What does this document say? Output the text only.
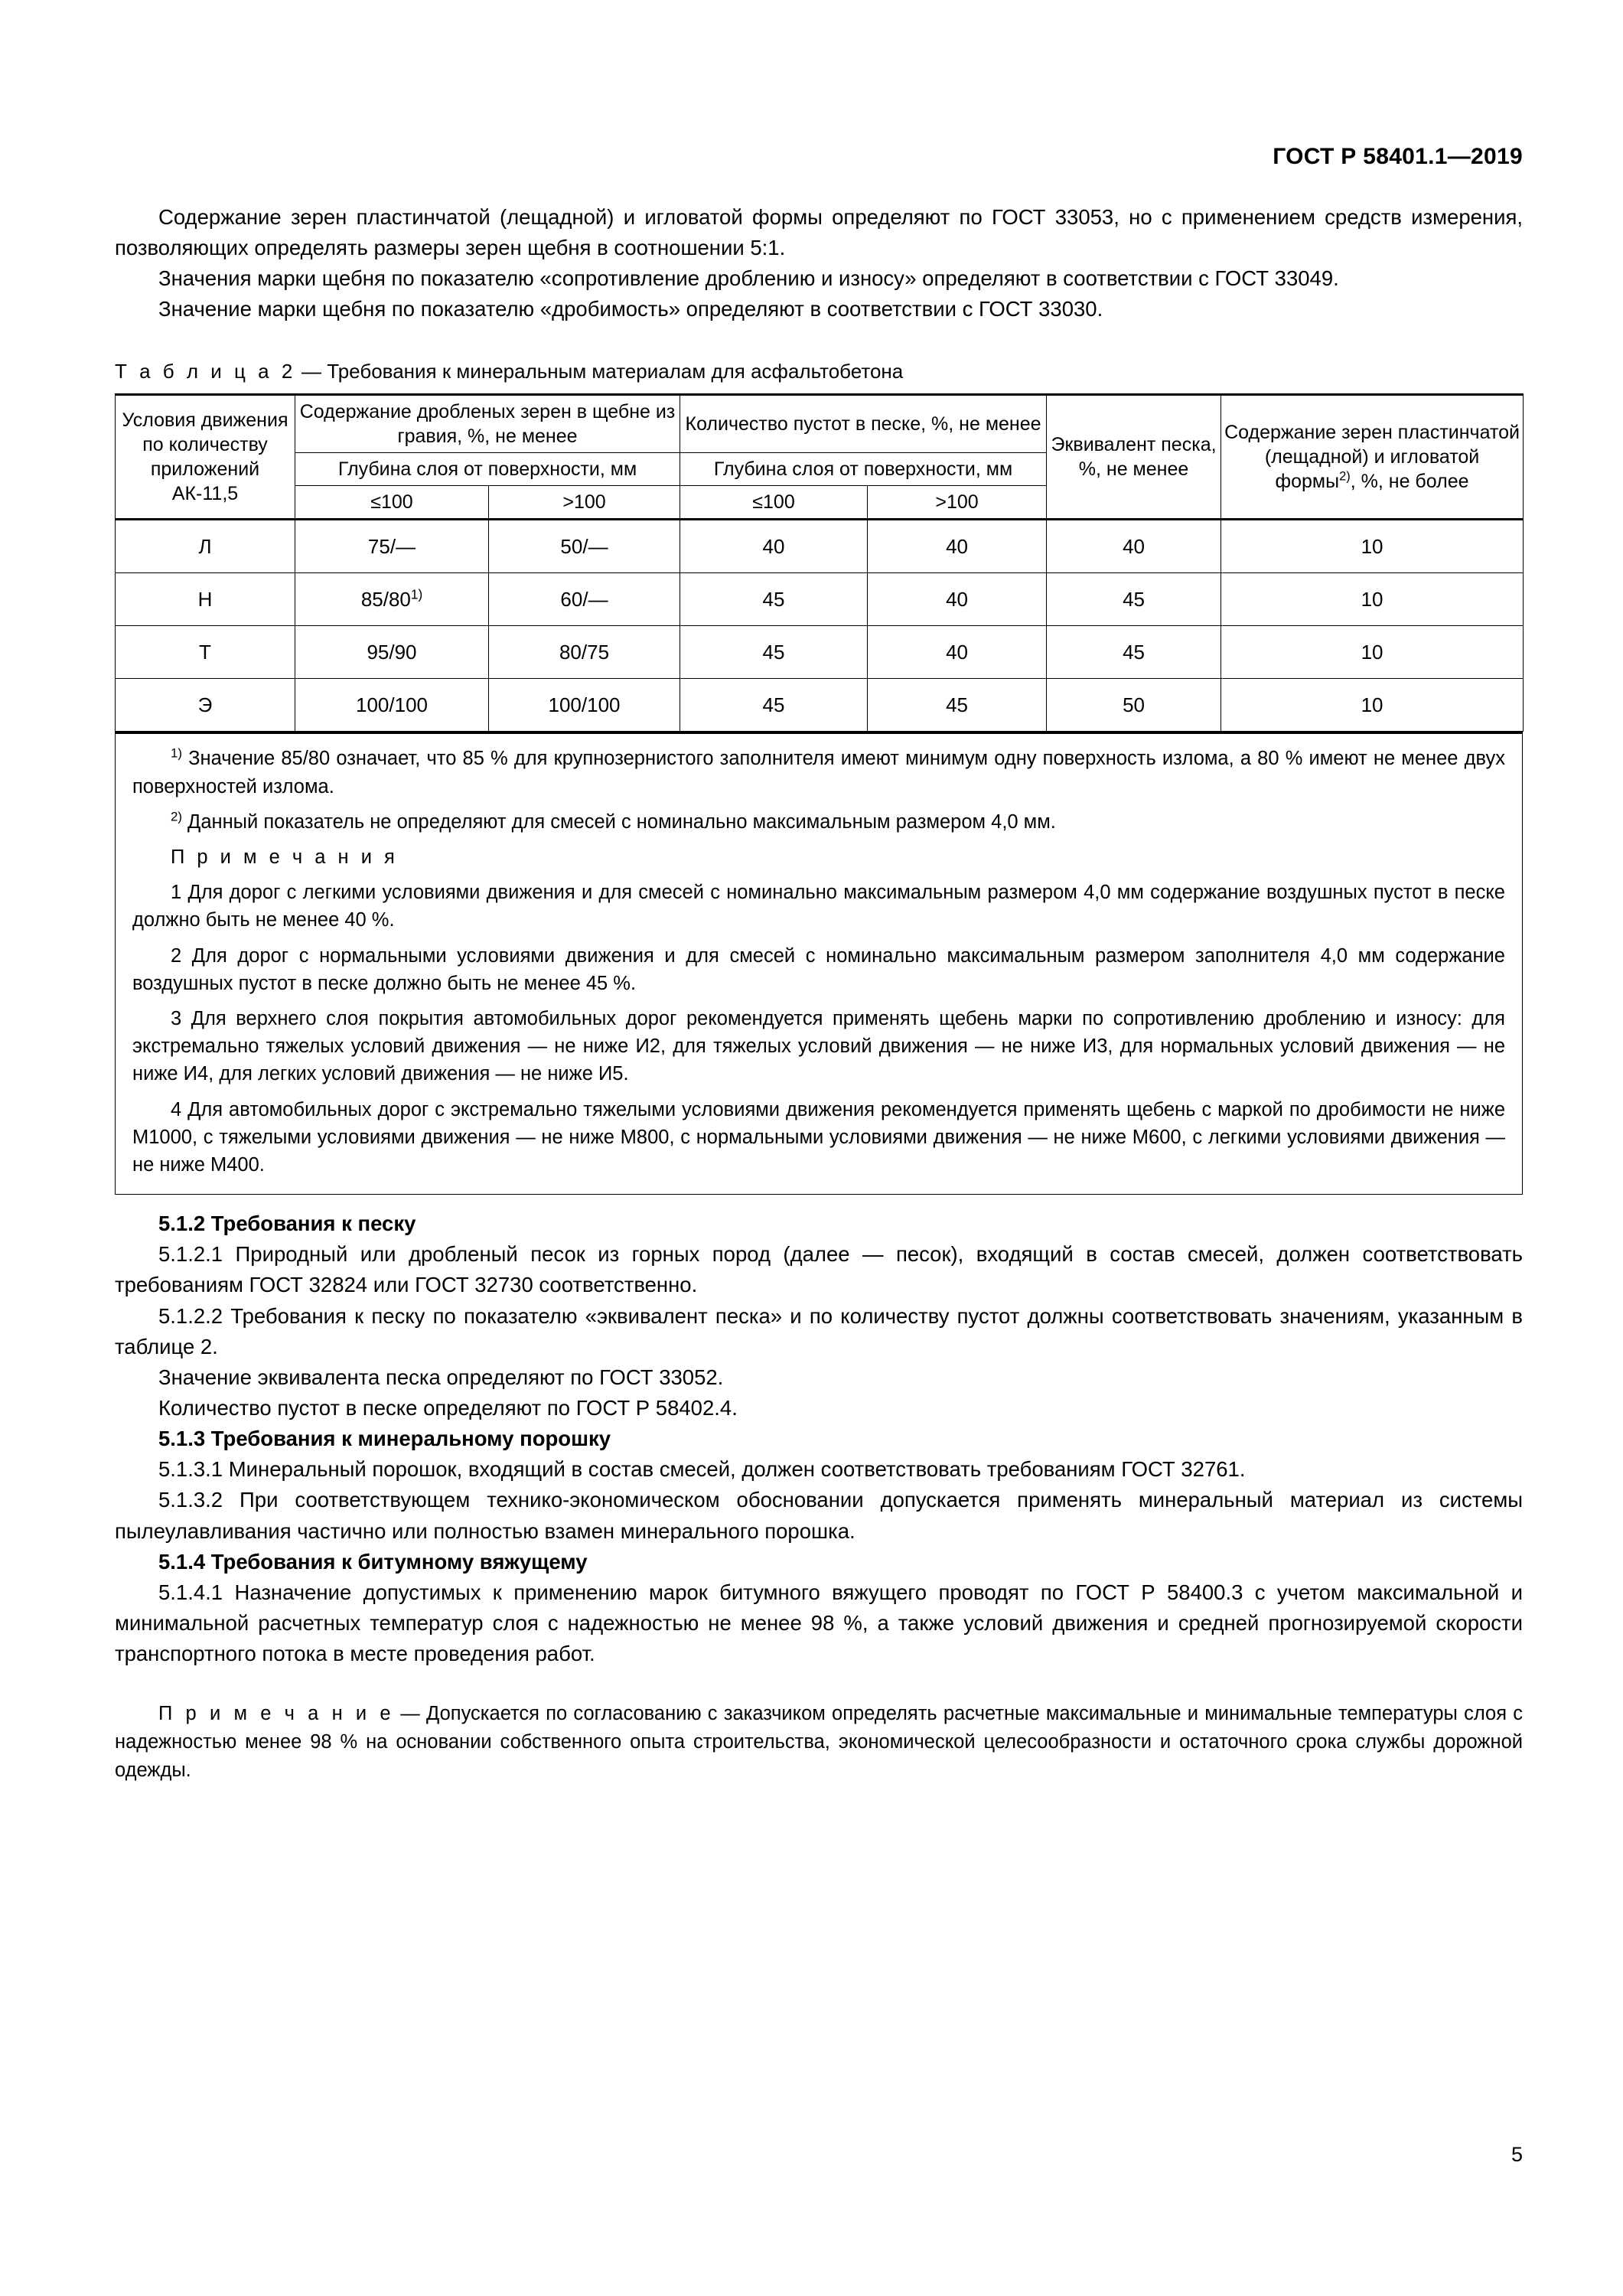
ГОСТ Р 58401.1—2019

Содержание зерен пластинчатой (лещадной) и игловатой формы определяют по ГОСТ 33053, но с применением средств измерения, позволяющих определять размеры зерен щебня в соотношении 5:1.

Значения марки щебня по показателю «сопротивление дроблению и износу» определяют в соответствии с ГОСТ 33049.

Значение марки щебня по показателю «дробимость» определяют в соответствии с ГОСТ 33030.

Т а б л и ц а 2 — Требования к минеральным материалам для асфальтобетона
Условия движения по количеству приложений АК-11,5	Содержание дробленых зерен в щебне из гравия, %, не менее		Количество пустот в песке, %, не менее		Эквивалент песка, %, не менее	Содержание зерен пластинчатой (лещадной) и игловатой формы$^{2)}$, %, не более
	Глубина слоя от поверхности, мм		Глубина слоя от поверхности, мм			
	≤100	>100	≤100	>100		
Л	75/—	50/—	40	40	40	10
Н	85/80$^{1)}$	60/—	45	40	45	10
Т	95/90	80/75	45	40	45	10
Э	100/100	100/100	45	45	50	10

$^{1)}$ Значение 85/80 означает, что 85 % для крупнозернистого заполнителя имеют минимум одну поверхность излома, а 80 % имеют не менее двух поверхностей излома.

$^{2)}$ Данный показатель не определяют для смесей с номинально максимальным размером 4,0 мм.

П р и м е ч а н и я

1 Для дорог с легкими условиями движения и для смесей с номинально максимальным размером 4,0 мм содержание воздушных пустот в песке должно быть не менее 40 %.

2 Для дорог с нормальными условиями движения и для смесей с номинально максимальным размером заполнителя 4,0 мм содержание воздушных пустот в песке должно быть не менее 45 %.

3 Для верхнего слоя покрытия автомобильных дорог рекомендуется применять щебень марки по сопротивлению дроблению и износу: для экстремально тяжелых условий движения — не ниже И2, для тяжелых условий движения — не ниже И3, для нормальных условий движения — не ниже И4, для легких условий движения — не ниже И5.

4 Для автомобильных дорог с экстремально тяжелыми условиями движения рекомендуется применять щебень с маркой по дробимости не ниже М1000, с тяжелыми условиями движения — не ниже М800, с нормальными условиями движения — не ниже М600, с легкими условиями движения — не ниже М400.

5.1.2 Требования к песку

5.1.2.1 Природный или дробленый песок из горных пород (далее — песок), входящий в состав смесей, должен соответствовать требованиям ГОСТ 32824 или ГОСТ 32730 соответственно.

5.1.2.2 Требования к песку по показателю «эквивалент песка» и по количеству пустот должны соответствовать значениям, указанным в таблице 2.

Значение эквивалента песка определяют по ГОСТ 33052.

Количество пустот в песке определяют по ГОСТ Р 58402.4.

5.1.3 Требования к минеральному порошку

5.1.3.1 Минеральный порошок, входящий в состав смесей, должен соответствовать требованиям ГОСТ 32761.

5.1.3.2 При соответствующем технико-экономическом обосновании допускается применять минеральный материал из системы пылеулавливания частично или полностью взамен минерального порошка.

5.1.4 Требования к битумному вяжущему

5.1.4.1 Назначение допустимых к применению марок битумного вяжущего проводят по ГОСТ Р 58400.3 с учетом максимальной и минимальной расчетных температур слоя с надежностью не менее 98 %, а также условий движения и средней прогнозируемой скорости транспортного потока в месте проведения работ.

П р и м е ч а н и е — Допускается по согласованию с заказчиком определять расчетные максимальные и минимальные температуры слоя с надежностью менее 98 % на основании собственного опыта строительства, экономической целесообразности и остаточного срока службы дорожной одежды.

5
